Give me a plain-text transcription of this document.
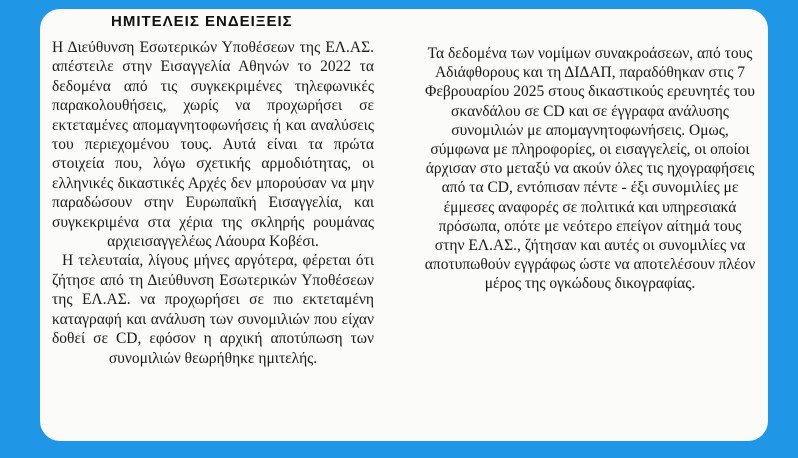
ΗΜΙΤΕΛΕΙΣ ΕΝΔΕΙΞΕΙΣ

Η Διεύθυνση Εσωτερικών Υποθέσεων της ΕΛ.ΑΣ. απέστειλε στην Εισαγγελία Αθηνών το 2022 τα δεδομένα από τις συγκεκριμένες τηλεφωνικές παρακολουθήσεις, χωρίς να προχωρήσει σε εκτεταμένες απομαγνητοφωνήσεις ή και αναλύσεις του περιεχομένου τους. Αυτά είναι τα πρώτα στοιχεία που, λόγω σχετικής αρμοδιότητας, οι ελληνικές δικαστικές Αρχές δεν μπορούσαν να μην παραδώσουν στην Ευρωπαϊκή Εισαγγελία, και συγκεκριμένα στα χέρια της σκληρής ρουμάνας αρχιεισαγγελέως Λάουρα Κοβέσι.

Η τελευταία, λίγους μήνες αργότερα, φέρεται ότι ζήτησε από τη Διεύθυνση Εσωτερικών Υποθέσεων της ΕΛ.ΑΣ. να προχωρήσει σε πιο εκτεταμένη καταγραφή και ανάλυση των συνομιλιών που είχαν δοθεί σε CD, εφόσον η αρχική αποτύπωση των συνομιλιών θεωρήθηκε ημιτελής.

Τα δεδομένα των νομίμων συνακροάσεων, από τους Αδιάφθορους και τη ΔΙΔΑΠ, παραδόθηκαν στις 7 Φεβρουαρίου 2025 στους δικαστικούς ερευνητές του σκανδάλου σε CD και σε έγγραφα ανάλυσης συνομιλιών με απομαγνητοφωνήσεις. Ομως, σύμφωνα με πληροφορίες, οι εισαγγελείς, οι οποίοι άρχισαν στο μεταξύ να ακούν όλες τις ηχογραφήσεις από τα CD, εντόπισαν πέντε - έξι συνομιλίες με έμμεσες αναφορές σε πολιτικά και υπηρεσιακά πρόσωπα, οπότε με νεότερο επείγον αίτημά τους στην ΕΛ.ΑΣ., ζήτησαν και αυτές οι συνομιλίες να αποτυπωθούν εγγράφως ώστε να αποτελέσουν πλέον μέρος της ογκώδους δικογραφίας.
